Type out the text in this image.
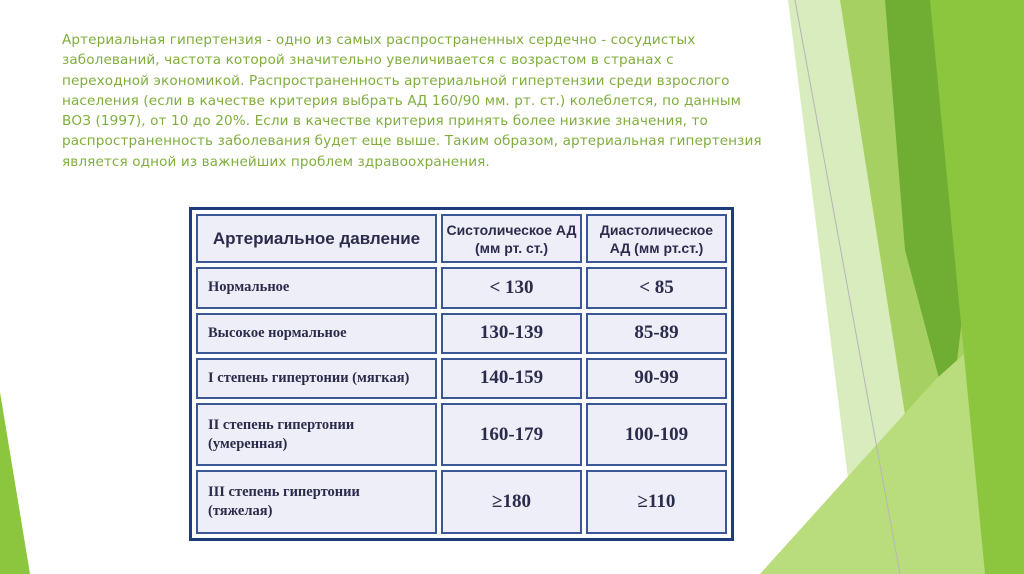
Артериальная гипертензия - одно из самых распространенных сердечно - сосудистых заболеваний, частота которой значительно увеличивается с возрастом в странах с переходной экономикой. Распространенность артериальной гипертензии среди взрослого населения (если в качестве критерия выбрать АД 160/90 мм. рт. ст.) колеблется, по данным ВОЗ (1997), от 10 до 20%. Если в качестве критерия принять более низкие значения, то распространенность заболевания будет еще выше. Таким образом, артериальная гипертензия является одной из важнейших проблем здравоохранения.
Артериальное давление	Систолическое АД (мм рт. ст.)	Диастолическое АД (мм рт.ст.)
Нормальное	< 130	< 85
Высокое нормальное	130-139	85-89
I степень гипертонии (мягкая)	140-159	90-99
II степень гипертонии (умеренная)	160-179	100-109
III степень гипертонии (тяжелая)	≥180	≥110
